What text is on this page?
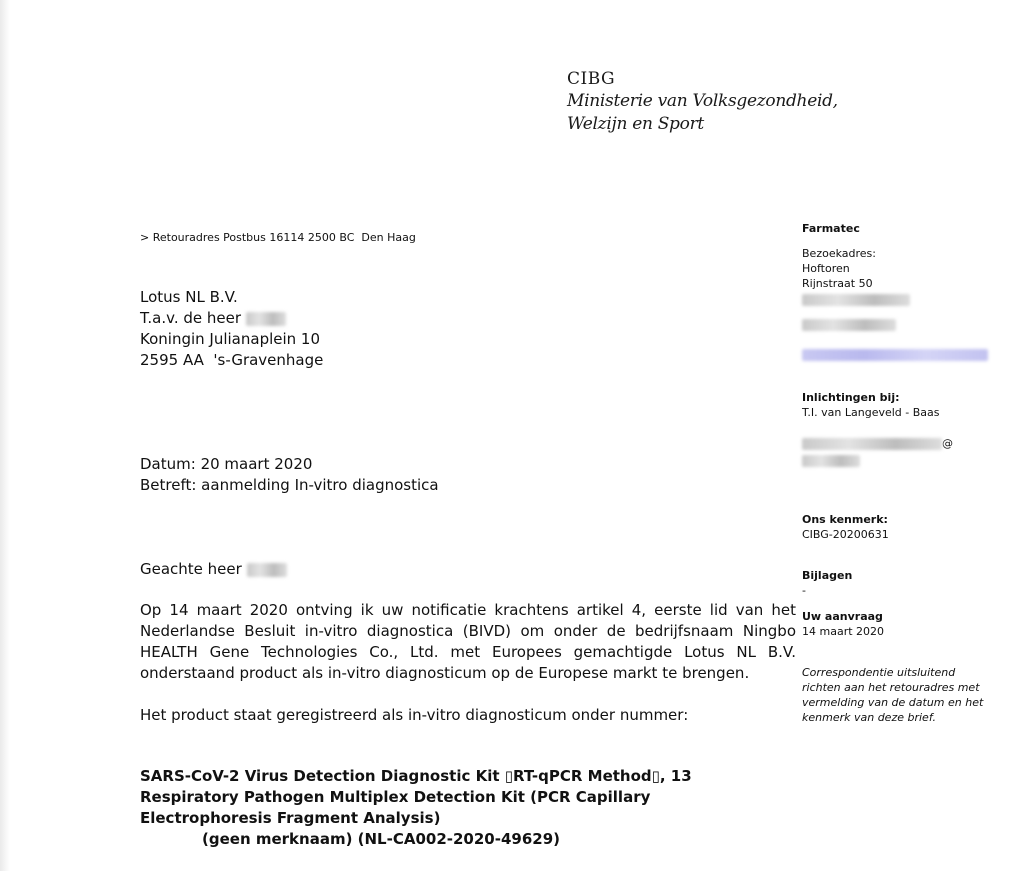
CIBG
Ministerie van Volksgezondheid,
Welzijn en Sport
> Retouradres Postbus 16114 2500 BC  Den Haag
Lotus NL B.V.
T.a.v. de heer
Koningin Julianaplein 10
2595 AA  's-Gravenhage
Datum: 20 maart 2020
Betreft: aanmelding In-vitro diagnostica
Geachte heer
Op 14 maart 2020 ontving ik uw notificatie krachtens artikel 4, eerste lid van het Nederlandse Besluit in-vitro diagnostica (BIVD) om onder de bedrijfsnaam Ningbo HEALTH Gene Technologies Co., Ltd. met Europees gemachtigde Lotus NL B.V. onderstaand product als in-vitro diagnosticum op de Europese markt te brengen.
Het product staat geregistreerd als in-vitro diagnosticum onder nummer:
SARS-CoV-2 Virus Detection Diagnostic Kit ▯RT-qPCR Method▯, 13 Respiratory Pathogen Multiplex Detection Kit (PCR Capillary Electrophoresis Fragment Analysis)
(geen merknaam) (NL-CA002-2020-49629)
Farmatec
Bezoekadres:
Hoftoren
Rijnstraat 50
Inlichtingen bij:
T.I. van Langeveld - Baas
@
Ons kenmerk:
CIBG-20200631
Bijlagen
-
Uw aanvraag
14 maart 2020
Correspondentie uitsluitend richten aan het retouradres met vermelding van de datum en het kenmerk van deze brief.
